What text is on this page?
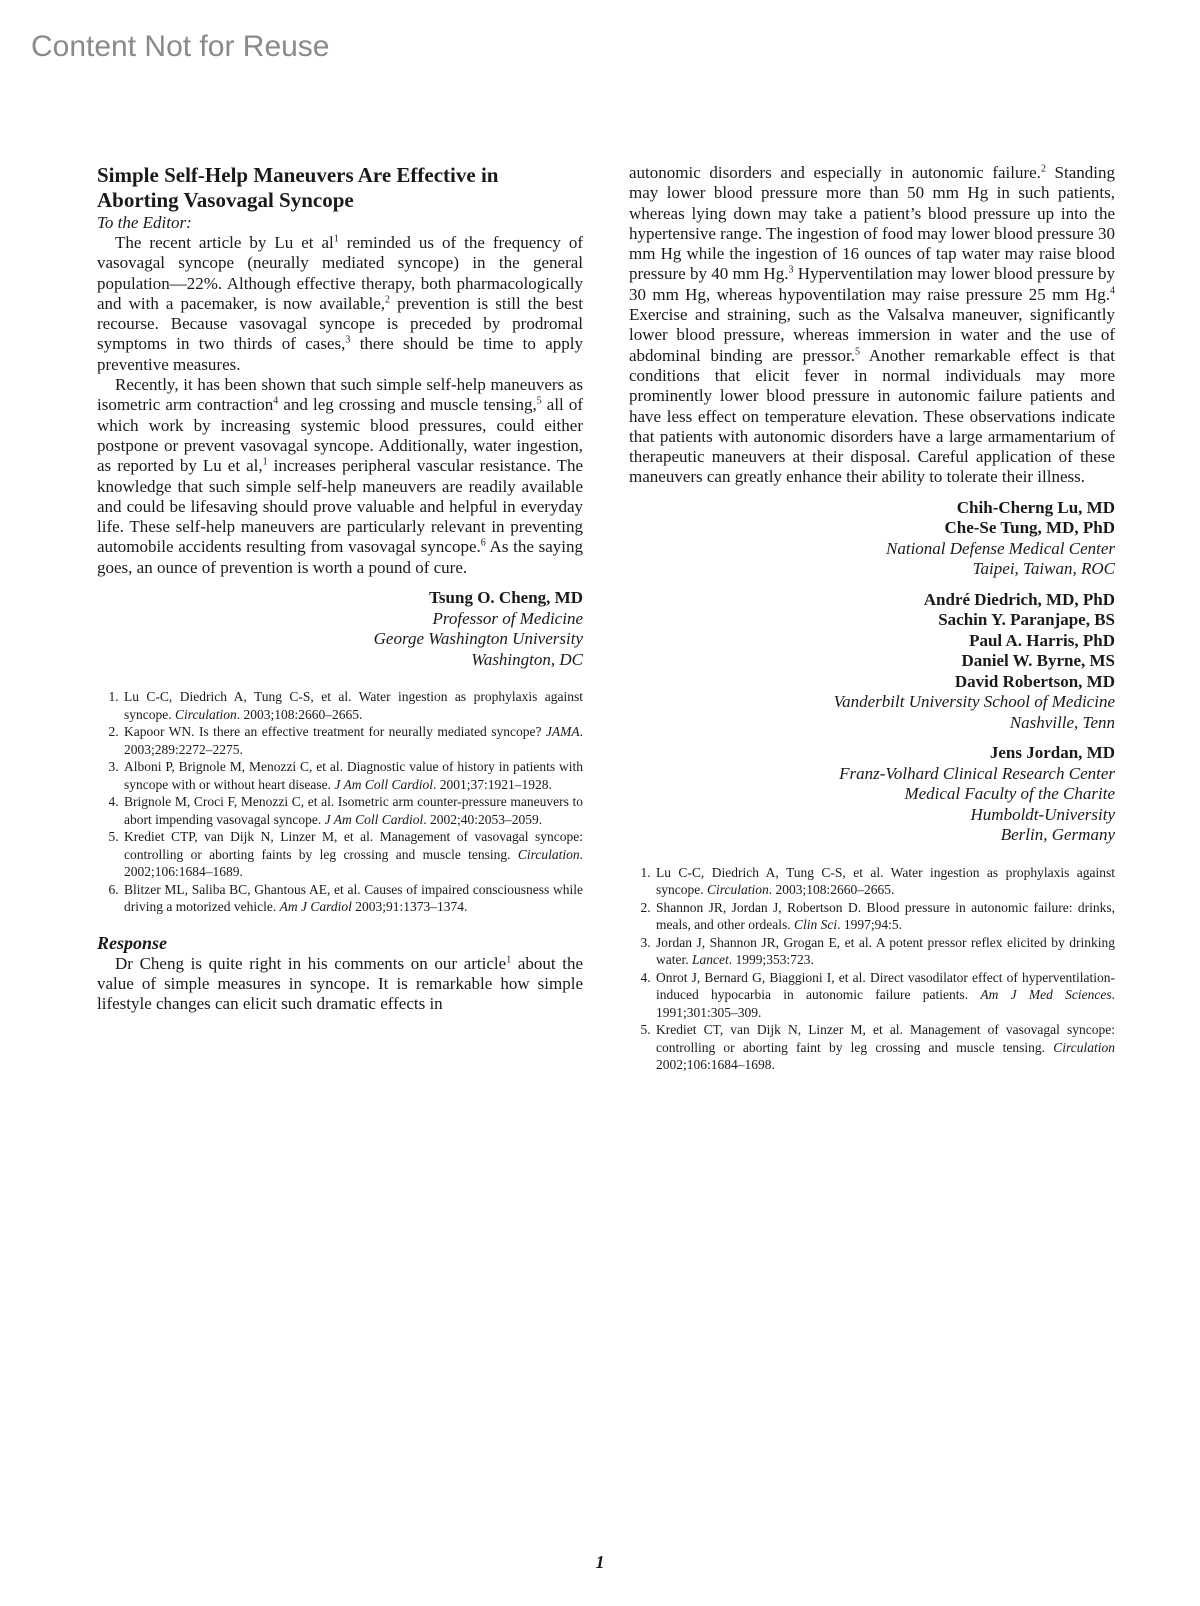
Content Not for Reuse
Simple Self-Help Maneuvers Are Effective in Aborting Vasovagal Syncope
To the Editor:

The recent article by Lu et $al^1$ reminded us of the frequency of vasovagal syncope (neurally mediated syncope) in the general population—22%. Although effective therapy, both pharmacologically and with a pacemaker, is now available,$^2$ prevention is still the best recourse. Because vasovagal syncope is preceded by prodromal symptoms in two thirds of cases,$^3$ there should be time to apply preventive measures.

Recently, it has been shown that such simple self-help maneuvers as isometric arm contraction$^4$ and leg crossing and muscle tensing,$^5$ all of which work by increasing systemic blood pressures, could either postpone or prevent vasovagal syncope. Additionally, water ingestion, as reported by Lu et al,$^1$ increases peripheral vascular resistance. The knowledge that such simple self-help maneuvers are readily available and could be lifesaving should prove valuable and helpful in everyday life. These self-help maneuvers are particularly relevant in preventing automobile accidents resulting from vasovagal syncope.$^6$ As the saying goes, an ounce of prevention is worth a pound of cure.

Tsung O. Cheng, MD
Professor of Medicine
George Washington University
Washington, DC
1. Lu C-C, Diedrich A, Tung C-S, et al. Water ingestion as prophylaxis against syncope. Circulation. 2003;108:2660–2665.
2. Kapoor WN. Is there an effective treatment for neurally mediated syncope? JAMA. 2003;289:2272–2275.
3. Alboni P, Brignole M, Menozzi C, et al. Diagnostic value of history in patients with syncope with or without heart disease. J Am Coll Cardiol. 2001;37:1921–1928.
4. Brignole M, Croci F, Menozzi C, et al. Isometric arm counter-pressure maneuvers to abort impending vasovagal syncope. J Am Coll Cardiol. 2002;40:2053–2059.
5. Krediet CTP, van Dijk N, Linzer M, et al. Management of vasovagal syncope: controlling or aborting faints by leg crossing and muscle tensing. Circulation. 2002;106:1684–1689.
6. Blitzer ML, Saliba BC, Ghantous AE, et al. Causes of impaired consciousness while driving a motorized vehicle. Am J Cardiol 2003;91:1373–1374.
Response

Dr Cheng is quite right in his comments on our article$^1$ about the value of simple measures in syncope. It is remarkable how simple lifestyle changes can elicit such dramatic effects in

autonomic disorders and especially in autonomic failure.$^2$ Standing may lower blood pressure more than 50 mm Hg in such patients, whereas lying down may take a patient’s blood pressure up into the hypertensive range. The ingestion of food may lower blood pressure 30 mm Hg while the ingestion of 16 ounces of tap water may raise blood pressure by 40 mm Hg.$^3$ Hyperventilation may lower blood pressure by 30 mm Hg, whereas hypoventilation may raise pressure 25 mm Hg.$^4$ Exercise and straining, such as the Valsalva maneuver, significantly lower blood pressure, whereas immersion in water and the use of abdominal binding are pressor.$^5$ Another remarkable effect is that conditions that elicit fever in normal individuals may more prominently lower blood pressure in autonomic failure patients and have less effect on temperature elevation. These observations indicate that patients with autonomic disorders have a large armamentarium of therapeutic maneuvers at their disposal. Careful application of these maneuvers can greatly enhance their ability to tolerate their illness.

Chih-Cherng Lu, MD
Che-Se Tung, MD, PhD
National Defense Medical Center
Taipei, Taiwan, ROC
André Diedrich, MD, PhD
Sachin Y. Paranjape, BS
Paul A. Harris, PhD
Daniel W. Byrne, MS
David Robertson, MD
Vanderbilt University School of Medicine
Nashville, Tenn
Jens Jordan, MD
Franz-Volhard Clinical Research Center
Medical Faculty of the Charite
Humboldt-University
Berlin, Germany
1. Lu C-C, Diedrich A, Tung C-S, et al. Water ingestion as prophylaxis against syncope. Circulation. 2003;108:2660–2665.
2. Shannon JR, Jordan J, Robertson D. Blood pressure in autonomic failure: drinks, meals, and other ordeals. Clin Sci. 1997;94:5.
3. Jordan J, Shannon JR, Grogan E, et al. A potent pressor reflex elicited by drinking water. Lancet. 1999;353:723.
4. Onrot J, Bernard G, Biaggioni I, et al. Direct vasodilator effect of hyperventilation-induced hypocarbia in autonomic failure patients. Am J Med Sciences. 1991;301:305–309.
5. Krediet CT, van Dijk N, Linzer M, et al. Management of vasovagal syncope: controlling or aborting faint by leg crossing and muscle tensing. Circulation 2002;106:1684–1698.
1
